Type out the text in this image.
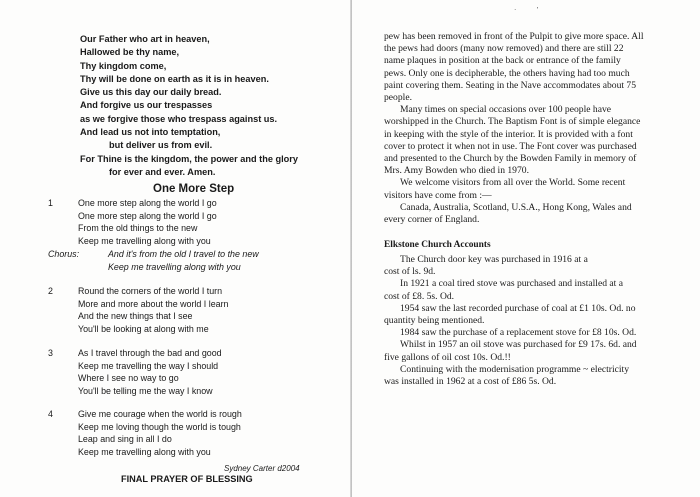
Our Father who art in heaven,
Hallowed be thy name,
Thy kingdom come,
Thy will be done on earth as it is in heaven.
Give us this day our daily bread.
And forgive us our trespasses
as we forgive those who trespass against us.
And lead us not into temptation,
but deliver us from evil.
For Thine is the kingdom, the power and the glory
for ever and ever. Amen.
One More Step
1	One more step along the world I go
One more step along the world I go
From the old things to the new
Keep me travelling along with you
Chorus:	And it's from the old I travel to the new
Keep me travelling along with you
2	Round the corners of the world I turn
More and more about the world I learn
And the new things that I see
You'll be looking at along with me
3	As I travel through the bad and good
Keep me travelling the way I should
Where I see no way to go
You'll be telling me the way I know
4	Give me courage when the world is rough
Keep me loving though the world is tough
Leap and sing in all I do
Keep me travelling along with you
Sydney Carter d2004
FINAL PRAYER OF BLESSING
·​’
pew has been removed in front of the Pulpit to give more space. All
the pews had doors (many now removed) and there are still 22
name plaques in position at the back or entrance of the family
pews. Only one is decipherable, the others having had too much
paint covering them. Seating in the Nave accommodates about 75
people.
Many times on special occasions over 100 people have
worshipped in the Church. The Baptism Font is of simple elegance
in keeping with the style of the interior. It is provided with a font
cover to protect it when not in use. The Font cover was purchased
and presented to the Church by the Bowden Family in memory of
Mrs. Amy Bowden who died in 1970.
We welcome visitors from all over the World. Some recent
visitors have come from :—
Canada, Australia, Scotland, U.S.A., Hong Kong, Wales and
every corner of England.
Elkstone Church Accounts
The Church door key was purchased in 1916 at a
cost of ls. 9d.
In 1921 a coal tired stove was purchased and installed at a
cost of £8. 5s. Od.
1954 saw the last recorded purchase of coal at £1 10s. Od. no
quantity being mentioned.
1984 saw the purchase of a replacement stove for £8 10s. Od.
Whilst in 1957 an oil stove was purchased for £9 17s. 6d. and
five gallons of oil cost 10s. Od.!!
Continuing with the modernisation programme ~ electricity
was installed in 1962 at a cost of £86 5s. Od.
